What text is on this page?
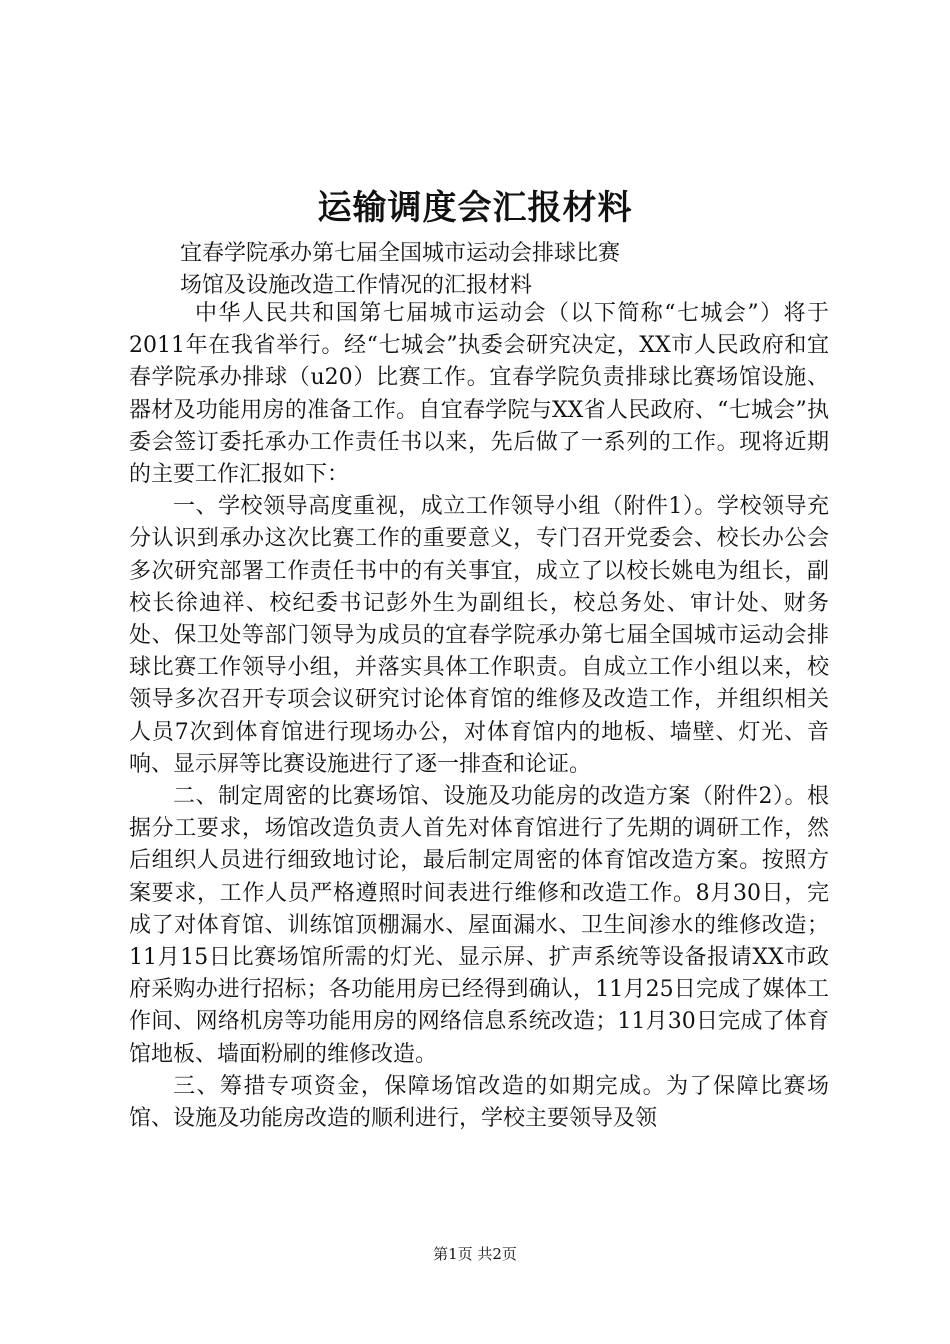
运输调度会汇报材料
宜春学院承办第七届全国城市运动会排球比赛
场馆及设施改造工作情况的汇报材料

中华人民共和国第七届城市运动会（以下简称“七城会”）将于2011年在我省举行。经“七城会”执委会研究决定，XX市人民政府和宜春学院承办排球（u20）比赛工作。宜春学院负责排球比赛场馆设施、器材及功能用房的准备工作。自宜春学院与XX省人民政府、“七城会”执委会签订委托承办工作责任书以来，先后做了一系列的工作。现将近期的主要工作汇报如下：

一、学校领导高度重视，成立工作领导小组（附件1）。学校领导充分认识到承办这次比赛工作的重要意义，专门召开党委会、校长办公会多次研究部署工作责任书中的有关事宜，成立了以校长姚电为组长，副校长徐迪祥、校纪委书记彭外生为副组长，校总务处、审计处、财务处、保卫处等部门领导为成员的宜春学院承办第七届全国城市运动会排球比赛工作领导小组，并落实具体工作职责。自成立工作小组以来，校领导多次召开专项会议研究讨论体育馆的维修及改造工作，并组织相关人员7次到体育馆进行现场办公，对体育馆内的地板、墙壁、灯光、音响、显示屏等比赛设施进行了逐一排查和论证。

二、制定周密的比赛场馆、设施及功能房的改造方案（附件2）。根据分工要求，场馆改造负责人首先对体育馆进行了先期的调研工作，然后组织人员进行细致地讨论，最后制定周密的体育馆改造方案。按照方案要求，工作人员严格遵照时间表进行维修和改造工作。8月30日，完成了对体育馆、训练馆顶棚漏水、屋面漏水、卫生间渗水的维修改造；11月15日比赛场馆所需的灯光、显示屏、扩声系统等设备报请XX市政府采购办进行招标；各功能用房已经得到确认，11月25日完成了媒体工作间、网络机房等功能用房的网络信息系统改造；11月30日完成了体育馆地板、墙面粉刷的维修改造。

三、筹措专项资金，保障场馆改造的如期完成。为了保障比赛场馆、设施及功能房改造的顺利进行，学校主要领导及领

第1页 共2页
